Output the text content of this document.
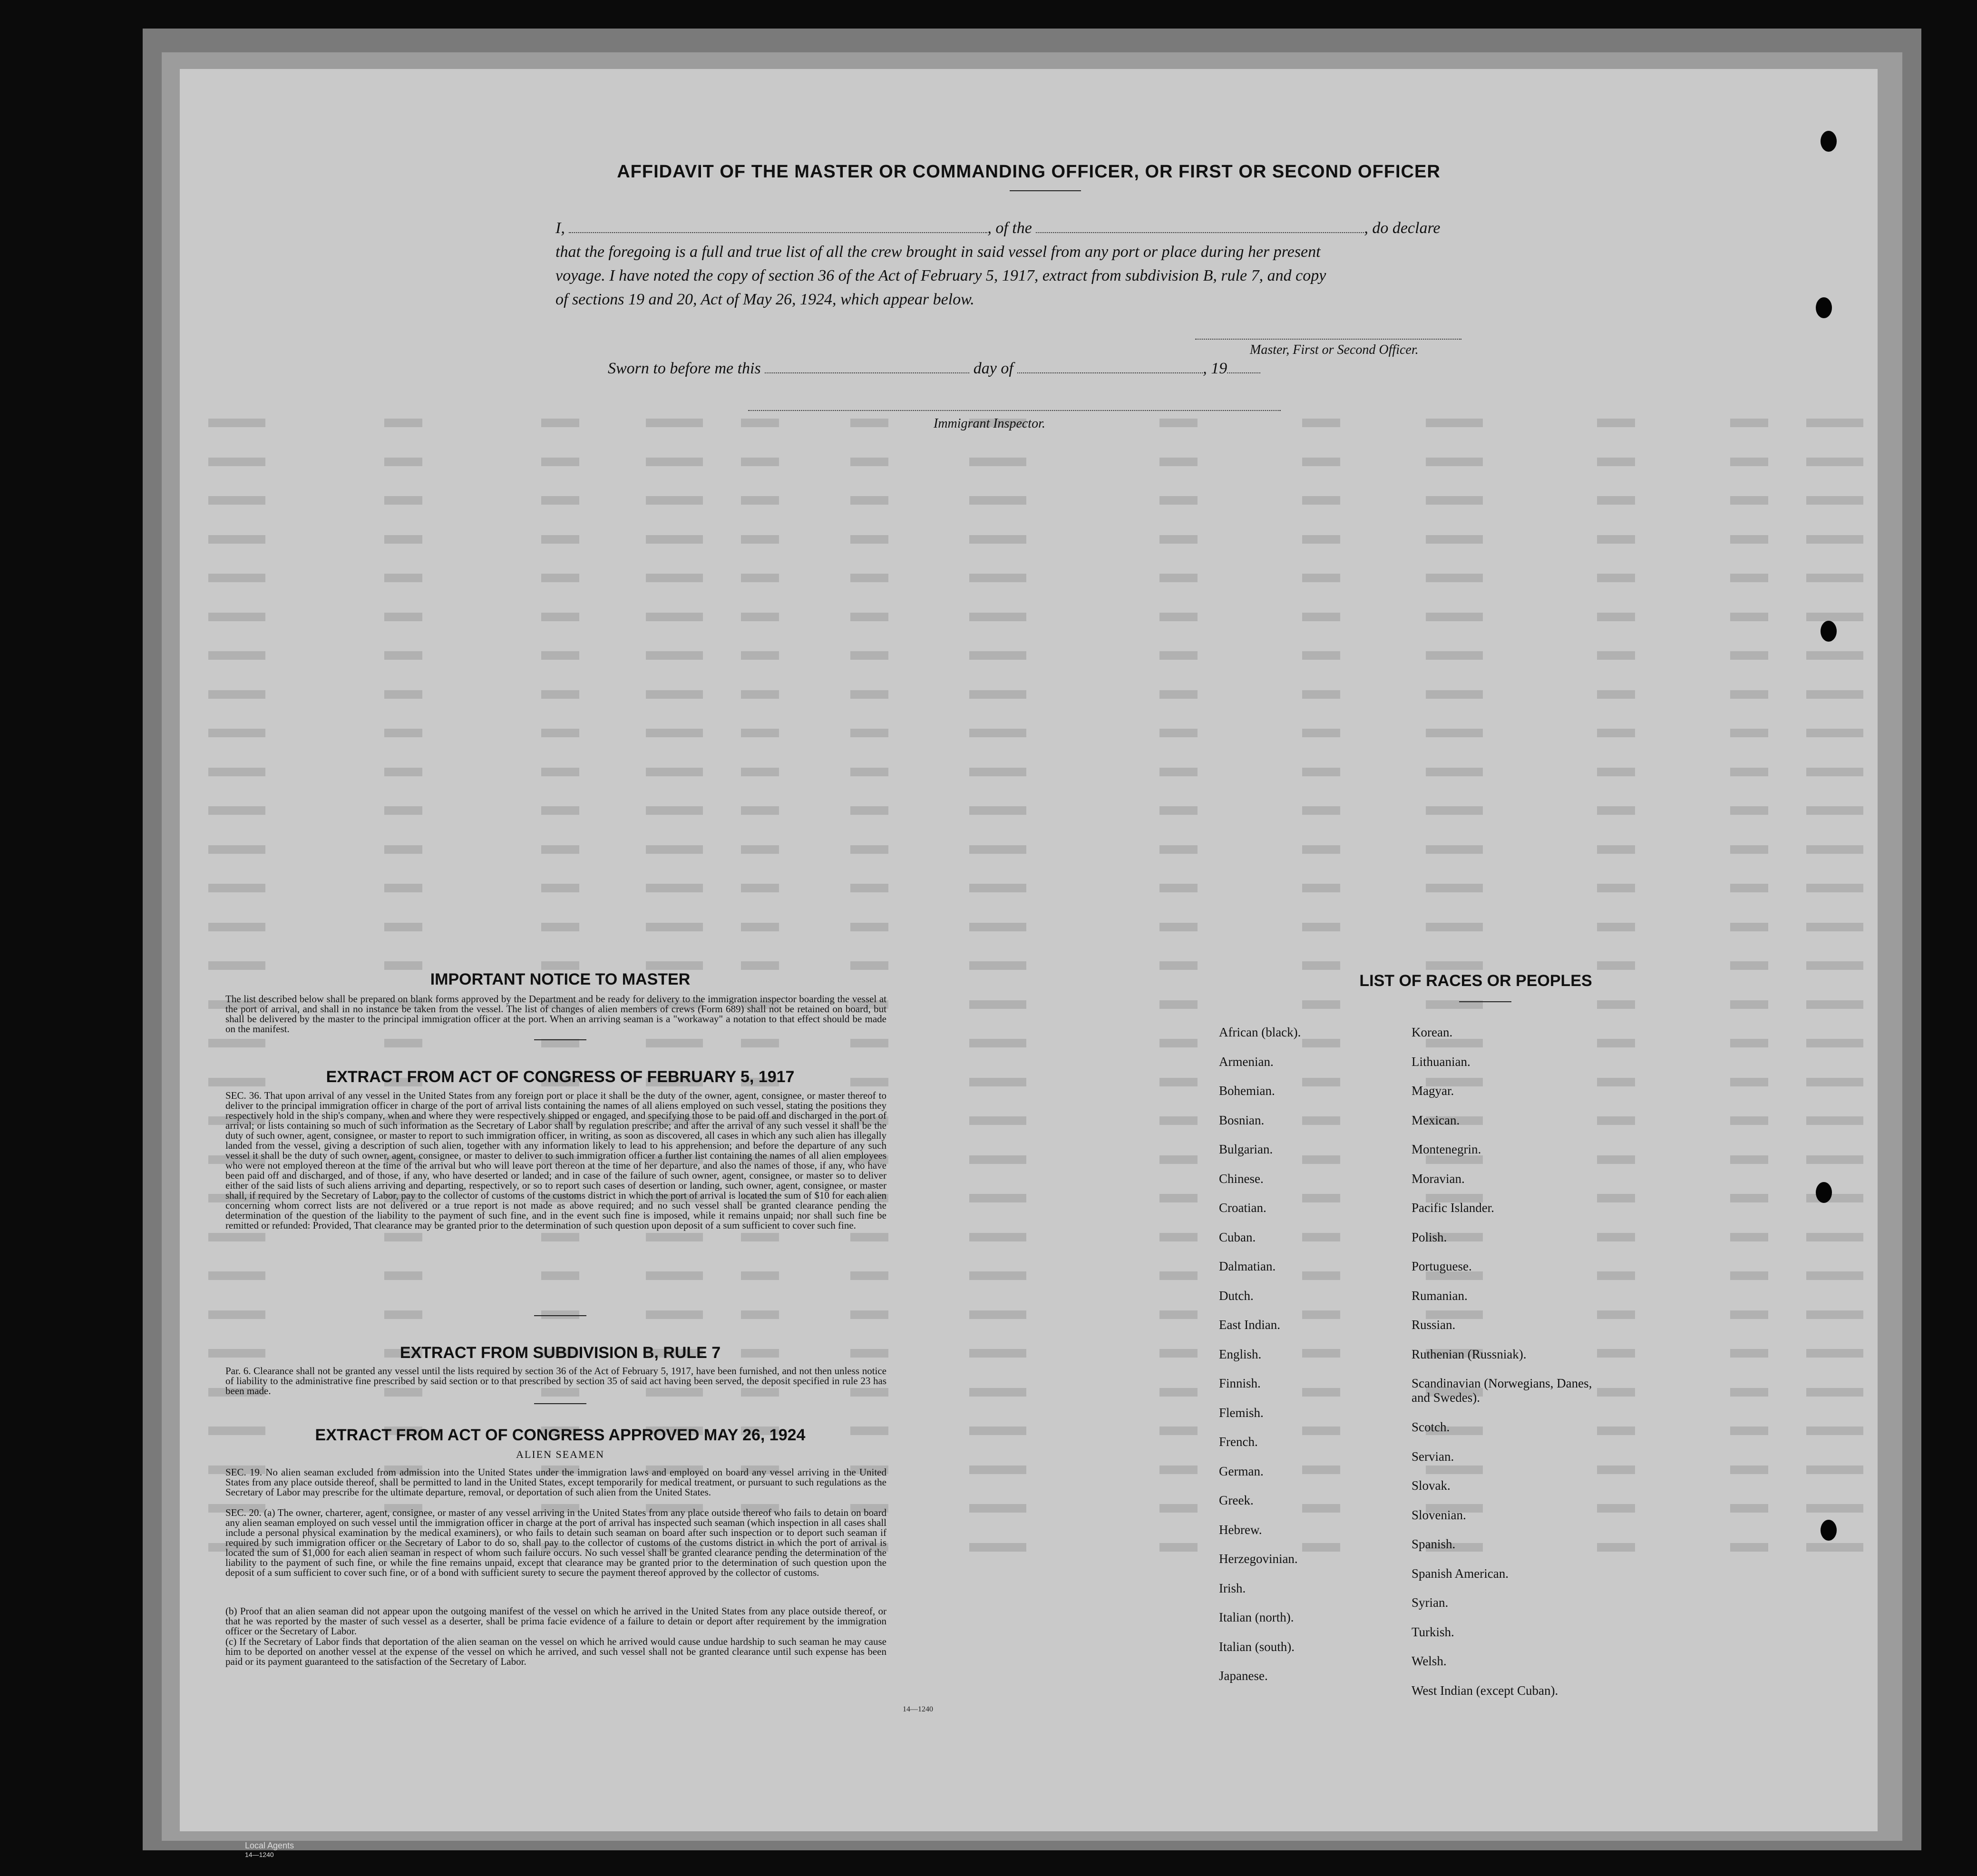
AFFIDAVIT OF THE MASTER OR COMMANDING OFFICER, OR FIRST OR SECOND OFFICER
I,	, of the	, do declare
that the foregoing is a full and true list of all the crew brought in said vessel from any port or place during her present
voyage. I have noted the copy of section 36 of the Act of February 5, 1917, extract from subdivision B, rule 7, and copy
of sections 19 and 20, Act of May 26, 1924, which appear below.
Master, First or Second Officer.
Sworn to before me this	day of	, 19
Immigrant Inspector.
IMPORTANT NOTICE TO MASTER
The list described below shall be prepared on blank forms approved by the Department and be ready for delivery to the immigration inspector boarding the vessel at the port of arrival, and shall in no instance be taken from the vessel. The list of changes of alien members of crews (Form 689) shall not be retained on board, but shall be delivered by the master to the principal immigration officer at the port. When an arriving seaman is a "workaway" a notation to that effect should be made on the manifest.
EXTRACT FROM ACT OF CONGRESS OF FEBRUARY 5, 1917
SEC. 36. That upon arrival of any vessel in the United States from any foreign port or place it shall be the duty of the owner, agent, consignee, or master thereof to deliver to the principal immigration officer in charge of the port of arrival lists containing the names of all aliens employed on such vessel, stating the positions they respectively hold in the ship's company, when and where they were respectively shipped or engaged, and specifying those to be paid off and discharged in the port of arrival; or lists containing so much of such information as the Secretary of Labor shall by regulation prescribe; and after the arrival of any such vessel it shall be the duty of such owner, agent, consignee, or master to report to such immigration officer, in writing, as soon as discovered, all cases in which any such alien has illegally landed from the vessel, giving a description of such alien, together with any information likely to lead to his apprehension; and before the departure of any such vessel it shall be the duty of such owner, agent, consignee, or master to deliver to such immigration officer a further list containing the names of all alien employees who were not employed thereon at the time of the arrival but who will leave port thereon at the time of her departure, and also the names of those, if any, who have been paid off and discharged, and of those, if any, who have deserted or landed; and in case of the failure of such owner, agent, consignee, or master so to deliver either of the said lists of such aliens arriving and departing, respectively, or so to report such cases of desertion or landing, such owner, agent, consignee, or master shall, if required by the Secretary of Labor, pay to the collector of customs of the customs district in which the port of arrival is located the sum of $10 for each alien concerning whom correct lists are not delivered or a true report is not made as above required; and no such vessel shall be granted clearance pending the determination of the question of the liability to the payment of such fine, and in the event such fine is imposed, while it remains unpaid; nor shall such fine be remitted or refunded: Provided, That clearance may be granted prior to the determination of such question upon deposit of a sum sufficient to cover such fine.
EXTRACT FROM SUBDIVISION B, RULE 7
Par. 6. Clearance shall not be granted any vessel until the lists required by section 36 of the Act of February 5, 1917, have been furnished, and not then unless notice of liability to the administrative fine prescribed by said section or to that prescribed by section 35 of said act having been served, the deposit specified in rule 23 has been made.
EXTRACT FROM ACT OF CONGRESS APPROVED MAY 26, 1924
ALIEN SEAMEN
SEC. 19. No alien seaman excluded from admission into the United States under the immigration laws and employed on board any vessel arriving in the United States from any place outside thereof, shall be permitted to land in the United States, except temporarily for medical treatment, or pursuant to such regulations as the Secretary of Labor may prescribe for the ultimate departure, removal, or deportation of such alien from the United States.
SEC. 20. (a) The owner, charterer, agent, consignee, or master of any vessel arriving in the United States from any place outside thereof who fails to detain on board any alien seaman employed on such vessel until the immigration officer in charge at the port of arrival has inspected such seaman (which inspection in all cases shall include a personal physical examination by the medical examiners), or who fails to detain such seaman on board after such inspection or to deport such seaman if required by such immigration officer or the Secretary of Labor to do so, shall pay to the collector of customs of the customs district in which the port of arrival is located the sum of $1,000 for each alien seaman in respect of whom such failure occurs. No such vessel shall be granted clearance pending the determination of the liability to the payment of such fine, or while the fine remains unpaid, except that clearance may be granted prior to the determination of such question upon the deposit of a sum sufficient to cover such fine, or of a bond with sufficient surety to secure the payment thereof approved by the collector of customs.
(b) Proof that an alien seaman did not appear upon the outgoing manifest of the vessel on which he arrived in the United States from any place outside thereof, or that he was reported by the master of such vessel as a deserter, shall be prima facie evidence of a failure to detain or deport after requirement by the immigration officer or the Secretary of Labor.
(c) If the Secretary of Labor finds that deportation of the alien seaman on the vessel on which he arrived would cause undue hardship to such seaman he may cause him to be deported on another vessel at the expense of the vessel on which he arrived, and such vessel shall not be granted clearance until such expense has been paid or its payment guaranteed to the satisfaction of the Secretary of Labor.
14—1240
LIST OF RACES OR PEOPLES
African (black).
Armenian.
Bohemian.
Bosnian.
Bulgarian.
Chinese.
Croatian.
Cuban.
Dalmatian.
Dutch.
East Indian.
English.
Finnish.
Flemish.
French.
German.
Greek.
Hebrew.
Herzegovinian.
Irish.
Italian (north).
Italian (south).
Japanese.
Korean.
Lithuanian.
Magyar.
Mexican.
Montenegrin.
Moravian.
Pacific Islander.
Polish.
Portuguese.
Rumanian.
Russian.
Ruthenian (Russniak).
Scandinavian (Norwegians, Danes, and Swedes).
Scotch.
Servian.
Slovak.
Slovenian.
Spanish.
Spanish American.
Syrian.
Turkish.
Welsh.
West Indian (except Cuban).
Local Agents
14—1240
